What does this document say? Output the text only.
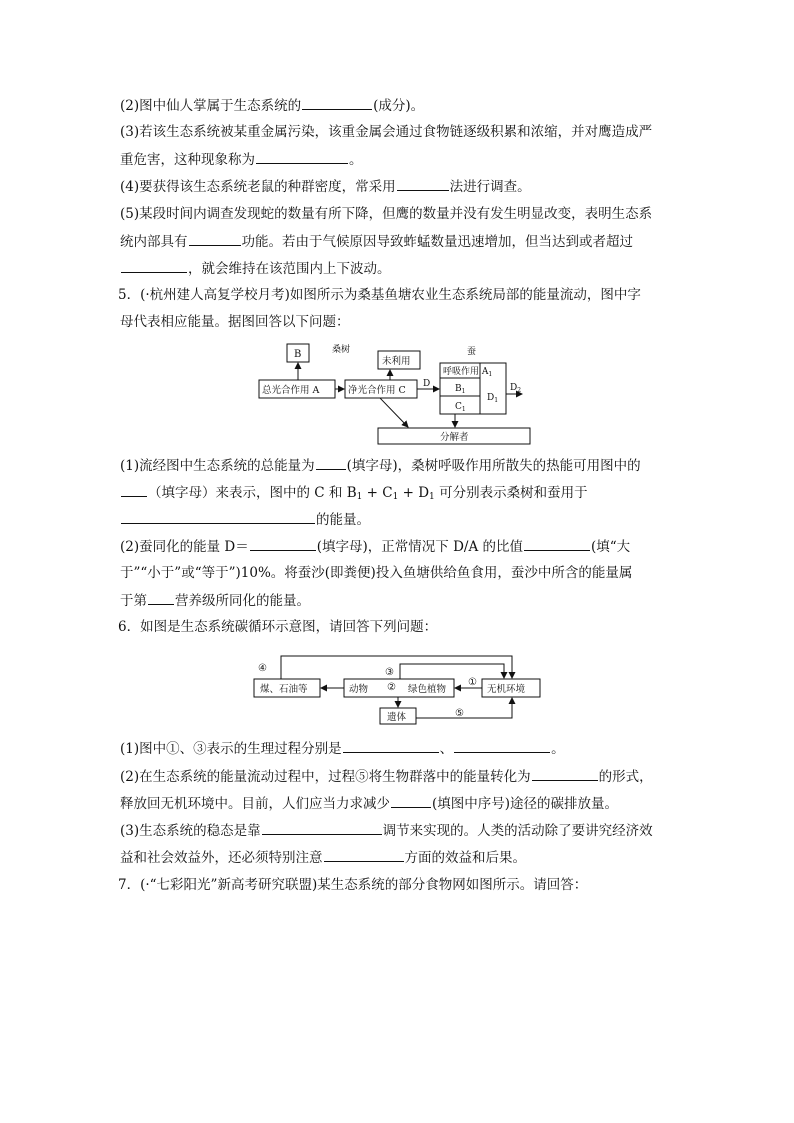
(2)图中仙人掌属于生态系统的	(成分)。
(3)若该生态系统被某重金属污染，该重金属会通过食物链逐级积累和浓缩，并对鹰造成严
重危害，这种现象称为	。
(4)要获得该生态系统老鼠的种群密度，常采用	法进行调查。
(5)某段时间内调查发现蛇的数量有所下降，但鹰的数量并没有发生明显改变，表明生态系
统内部具有	功能。若由于气候原因导致蚱蜢数量迅速增加，但当达到或者超过
，就会维持在该范围内上下波动。
5．(·杭州建人高复学校月考)如图所示为桑基鱼塘农业生态系统局部的能量流动，图中字
母代表相应能量。据图回答以下问题：
B	桑树
未利用
蚕
总光合作用 A	净光合作用 C
D
呼吸作用 $A_1$
$B_1$
$C_1$
$D_1$
$D_2$
分解者
(1)流经图中生态系统的总能量为 (填字母)，桑树呼吸作用所散失的热能可用图中的
（填字母）来表示，图中的 C 和 $B_1 + C_1 + D_1$ 可分别表示桑树和蚕用于
的能量。
(2)蚕同化的能量 D＝	(填字母)，正常情况下 D/A 的比值	(填“大
于”“小于”或“等于”)10%。将蚕沙(即粪便)投入鱼塘供给鱼食用，蚕沙中所含的能量属
于第 营养级所同化的能量。
6．如图是生态系统碳循环示意图，请回答下列问题：
④	③
①
②
⑤
煤、石油等	动物	绿色植物	无机环境
遗体
(1)图中①、③表示的生理过程分别是	、	。
(2)在生态系统的能量流动过程中，过程⑤将生物群落中的能量转化为	的形式，
释放回无机环境中。目前，人们应当力求减少	(填图中序号)途径的碳排放量。
(3)生态系统的稳态是靠	调节来实现的。人类的活动除了要讲究经济效
益和社会效益外，还必须特别注意	方面的效益和后果。
7．(·“七彩阳光”新高考研究联盟)某生态系统的部分食物网如图所示。请回答：
